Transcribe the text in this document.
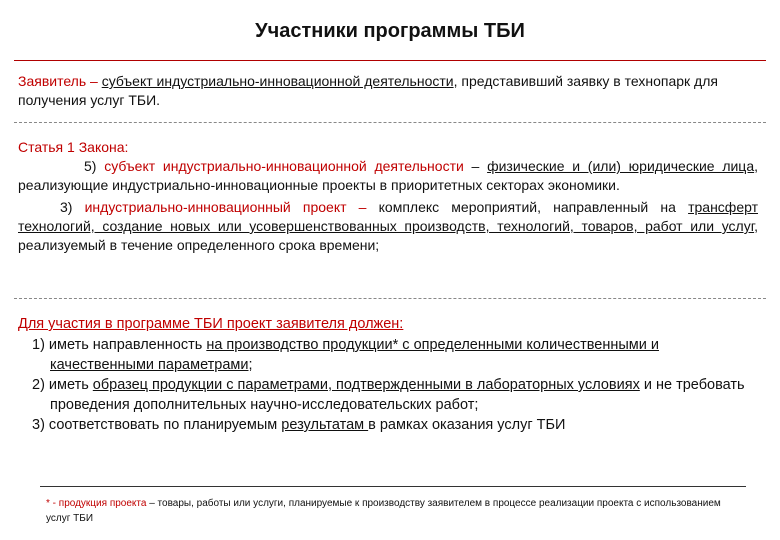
Участники программы ТБИ
Заявитель – субъект индустриально-инновационной деятельности, представивший заявку в технопарк для получения услуг ТБИ.
Статья 1 Закона:
5) субъект индустриально-инновационной деятельности – физические и (или) юридические лица, реализующие индустриально-инновационные проекты в приоритетных секторах экономики.
3) индустриально-инновационный проект – комплекс мероприятий, направленный на трансферт технологий, создание новых или усовершенствованных производств, технологий, товаров, работ или услуг, реализуемый в течение определенного срока времени;
Для участия в программе ТБИ проект заявителя должен:
1) иметь направленность на производство продукции* с определенными количественными и качественными параметрами;
2) иметь образец продукции с параметрами, подтвержденными в лабораторных условиях и не требовать проведения дополнительных научно-исследовательских работ;
3) соответствовать по планируемым результатам в рамках оказания услуг ТБИ
* - продукция проекта – товары, работы или услуги, планируемые к производству заявителем в процессе реализации проекта с использованием услуг ТБИ
